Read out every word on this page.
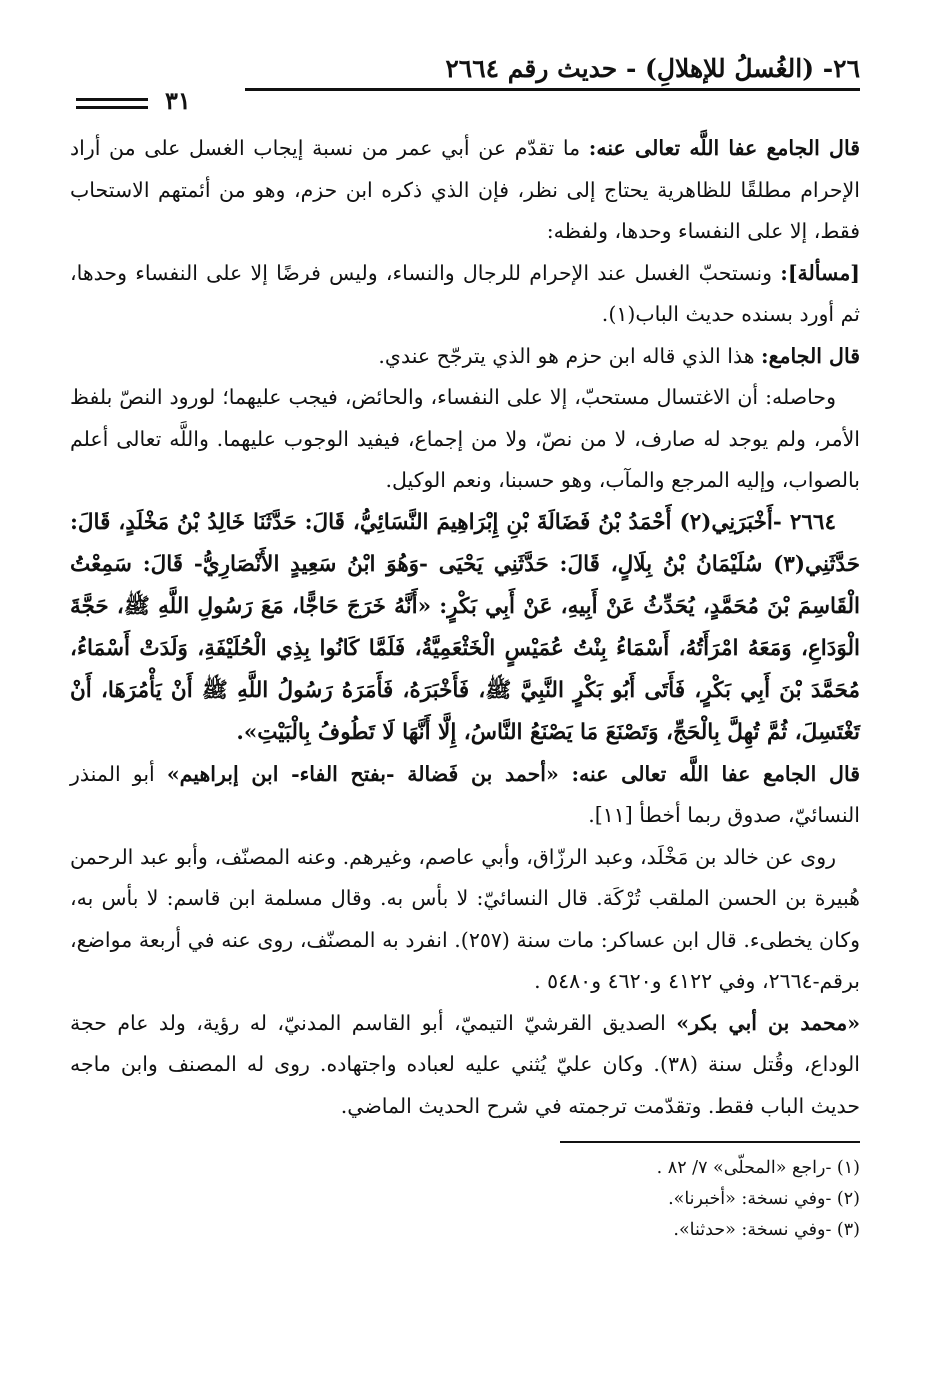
٢٦- (الغُسلُ للإهلالِ) - حديث رقم ٢٦٦٤
٣١

قال الجامع عفا اللَّه تعالى عنه: ما تقدّم عن أبي عمر من نسبة إيجاب الغسل على من أراد الإحرام مطلقًا للظاهرية يحتاج إلى نظر، فإن الذي ذكره ابن حزم، وهو من أئمتهم الاستحاب فقط، إلا على النفساء وحدها، ولفظه:

[مسألة]: ونستحبّ الغسل عند الإحرام للرجال والنساء، وليس فرضًا إلا على النفساء وحدها، ثم أورد بسنده حديث الباب(١).

قال الجامع: هذا الذي قاله ابن حزم هو الذي يترجّح عندي.

وحاصله: أن الاغتسال مستحبّ، إلا على النفساء، والحائض، فيجب عليهما؛ لورود النصّ بلفظ الأمر، ولم يوجد له صارف، لا من نصّ، ولا من إجماع، فيفيد الوجوب عليهما. واللَّه تعالى أعلم بالصواب، وإليه المرجع والمآب، وهو حسبنا، ونعم الوكيل.

٢٦٦٤ -أَخْبَرَنِي(٢) أَحْمَدُ بْنُ فَضَالَةَ بْنِ إِبْرَاهِيمَ النَّسَائِيُّ، قَالَ: حَدَّثَنَا خَالِدُ بْنُ مَخْلَدٍ، قَالَ: حَدَّثَنِي(٣) سُلَيْمَانُ بْنُ بِلَالٍ، قَالَ: حَدَّثَنِي يَحْيَى -وَهُوَ ابْنُ سَعِيدٍ الأَنْصَارِيُّ- قَالَ: سَمِعْتُ الْقَاسِمَ بْنَ مُحَمَّدٍ، يُحَدِّثُ عَنْ أَبِيهِ، عَنْ أَبِي بَكْرٍ: «أَنَّهُ خَرَجَ حَاجًّا، مَعَ رَسُولِ اللَّهِ ﷺ، حَجَّةَ الْوَدَاعِ، وَمَعَهُ امْرَأَتُهُ، أَسْمَاءُ بِنْتُ عُمَيْسٍ الْخَثْعَمِيَّةُ، فَلَمَّا كَانُوا بِذِي الْحُلَيْفَةِ، وَلَدَتْ أَسْمَاءُ، مُحَمَّدَ بْنَ أَبِي بَكْرٍ، فَأَتَى أَبُو بَكْرٍ النَّبِيَّ ﷺ، فَأَخْبَرَهُ، فَأَمَرَهُ رَسُولُ اللَّهِ ﷺ أَنْ يَأْمُرَهَا، أَنْ تَغْتَسِلَ، ثُمَّ تُهِلَّ بِالْحَجِّ، وَتَصْنَعَ مَا يَصْنَعُ النَّاسُ، إِلَّا أَنَّهَا لَا تَطُوفُ بِالْبَيْتِ».

قال الجامع عفا اللَّه تعالى عنه: «أحمد بن فَضالة -بفتح الفاء- ابن إبراهيم» أبو المنذر النسائيّ، صدوق ربما أخطأ [١١].

روى عن خالد بن مَخْلَد، وعبد الرزّاق، وأبي عاصم، وغيرهم. وعنه المصنّف، وأبو عبد الرحمن هُبيرة بن الحسن الملقب تُرْكَة. قال النسائيّ: لا بأس به. وقال مسلمة ابن قاسم: لا بأس به، وكان يخطىء. قال ابن عساكر: مات سنة (٢٥٧). انفرد به المصنّف، روى عنه في أربعة مواضع، برقم-٢٦٦٤، وفي ٤١٢٢ و٤٦٢٠ و٥٤٨٠ .

«محمد بن أبي بكر» الصديق القرشيّ التيميّ، أبو القاسم المدنيّ، له رؤية، ولد عام حجة الوداع، وقُتل سنة (٣٨). وكان عليّ يُثني عليه لعباده واجتهاده. روى له المصنف وابن ماجه حديث الباب فقط. وتقدّمت ترجمته في شرح الحديث الماضي.

(١) -راجع «المحلّى» ٧/ ٨٢ .

(٢) -وفي نسخة: «أخبرنا».

(٣) -وفي نسخة: «حدثنا».
